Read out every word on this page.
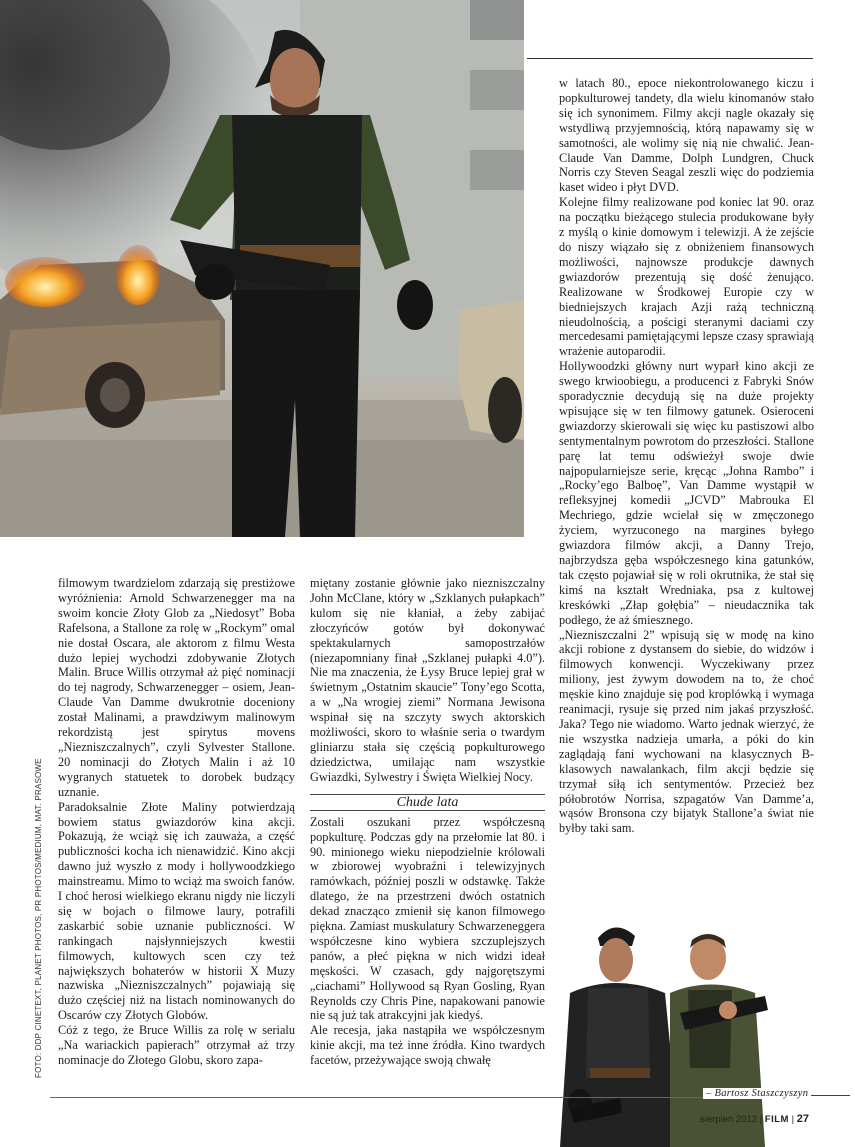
w latach 80., epoce niekontrolowanego kiczu i popkulturowej tandety, dla wielu kinomanów stało się ich synonimem. Filmy akcji nagle okazały się wstydliwą przyjemnością, którą napawamy się w samotności, ale wolimy się nią nie chwalić. Jean-Claude Van Damme, Dolph Lundgren, Chuck Norris czy Steven Seagal zeszli więc do podziemia kaset wideo i płyt DVD.

Kolejne filmy realizowane pod koniec lat 90. oraz na początku bieżącego stulecia produkowane były z myślą o kinie domowym i telewizji. A że zejście do niszy wiązało się z obniżeniem finansowych możliwości, najnowsze produkcje dawnych gwiazdorów prezentują się dość żenująco. Realizowane w Środkowej Europie czy w biedniejszych krajach Azji rażą techniczną nieudolnością, a pościgi steranymi daciami czy mercedesami pamiętającymi lepsze czasy sprawiają wrażenie autoparodii.

Hollywoodzki główny nurt wyparł kino akcji ze swego krwioobiegu, a producenci z Fabryki Snów sporadycznie decydują się na duże projekty wpisujące się w ten filmowy gatunek. Osieroceni gwiazdorzy skierowali się więc ku pastiszowi albo sentymentalnym powrotom do przeszłości. Stallone parę lat temu odświeżył swoje dwie najpopularniejsze serie, kręcąc „Johna Rambo” i „Rocky’ego Balboę”, Van Damme wystąpił w refleksyjnej komedii „JCVD” Mabrouka El Mechriego, gdzie wcielał się w zmęczonego życiem, wyrzuconego na margines byłego gwiazdora filmów akcji, a Danny Trejo, najbrzydsza gęba współczesnego kina gatunków, tak często pojawiał się w roli okrutnika, że stał się kimś na kształt Wredniaka, psa z kultowej kreskówki „Złap gołębia” – nieudacznika tak podłego, że aż śmiesznego.

„Niezniszczalni 2” wpisują się w modę na kino akcji robione z dystansem do siebie, do widzów i filmowych konwencji. Wyczekiwany przez miliony, jest żywym dowodem na to, że choć męskie kino znajduje się pod kroplówką i wymaga reanimacji, rysuje się przed nim jakaś przyszłość. Jaka? Tego nie wiadomo. Warto jednak wierzyć, że nie wszystka nadzieja umarła, a póki do kin zaglądają fani wychowani na klasycznych B-klasowych nawalankach, film akcji będzie się trzymał siłą ich sentymentów. Przecież bez półobrotów Norrisa, szpagatów Van Damme’a, wąsów Bronsona czy bijatyk Stallone’a świat nie byłby taki sam.

filmowym twardzielom zdarzają się prestiżowe wyróżnienia: Arnold Schwarzenegger ma na swoim koncie Złoty Glob za „Niedosyt” Boba Rafelsona, a Stallone za rolę w „Rockym” omal nie dostał Oscara, ale aktorom z filmu Westa dużo lepiej wychodzi zdobywanie Złotych Malin. Bruce Willis otrzymał aż pięć nominacji do tej nagrody, Schwarzenegger – osiem, Jean-Claude Van Damme dwukrotnie doceniony został Malinami, a prawdziwym malinowym rekordzistą jest spirytus movens „Niezniszczalnych”, czyli Sylvester Stallone. 20 nominacji do Złotych Malin i aż 10 wygranych statuetek to dorobek budzący uznanie.

Paradoksalnie Złote Maliny potwierdzają bowiem status gwiazdorów kina akcji. Pokazują, że wciąż się ich zauważa, a część publiczności kocha ich nienawidzić. Kino akcji dawno już wyszło z mody i hollywoodzkiego mainstreamu. Mimo to wciąż ma swoich fanów. I choć herosi wielkiego ekranu nigdy nie liczyli się w bojach o filmowe laury, potrafili zaskarbić sobie uznanie publiczności. W rankingach najsłynniejszych kwestii filmowych, kultowych scen czy też największych bohaterów w historii X Muzy nazwiska „Niezniszczalnych” pojawiają się dużo częściej niż na listach nominowanych do Oscarów czy Złotych Globów.

Cóż z tego, że Bruce Willis za rolę w serialu „Na wariackich papierach” otrzymał aż trzy nominacje do Złotego Globu, skoro zapa-

miętany zostanie głównie jako niezniszczalny John McClane, który w „Szklanych pułapkach” kulom się nie kłaniał, a żeby zabijać złoczyńców gotów był dokonywać spektakularnych samopostrzałów (niezapomniany finał „Szklanej pułapki 4.0”). Nie ma znaczenia, że Łysy Bruce lepiej grał w świetnym „Ostatnim skaucie” Tony’ego Scotta, a w „Na wrogiej ziemi” Normana Jewisona wspinał się na szczyty swych aktorskich możliwości, skoro to właśnie seria o twardym gliniarzu stała się częścią popkulturowego dziedzictwa, umilając nam wszystkie Gwiazdki, Sylwestry i Święta Wielkiej Nocy.

Chude lata

Zostali oszukani przez współczesną popkulturę. Podczas gdy na przełomie lat 80. i 90. minionego wieku niepodzielnie królowali w zbiorowej wyobraźni i telewizyjnych ramówkach, później poszli w odstawkę. Także dlatego, że na przestrzeni dwóch ostatnich dekad znacząco zmienił się kanon filmowego piękna. Zamiast muskulatury Schwarzeneggera współczesne kino wybiera szczuplejszych panów, a płeć piękna w nich widzi ideał męskości. W czasach, gdy najgorętszymi „ciachami” Hollywood są Ryan Gosling, Ryan Reynolds czy Chris Pine, napakowani panowie nie są już tak atrakcyjni jak kiedyś.

Ale recesja, jaka nastąpiła we współczesnym kinie akcji, ma też inne źródła. Kino twardych facetów, przeżywające swoją chwałę

FOTO: DDP CINETEXT, PLANET PHOTOS, PR PHOTOS/MEDIUM, MAT. PRASOWE
– Bartosz Staszczyszyn
sierpień 2012 | FILM | 27
